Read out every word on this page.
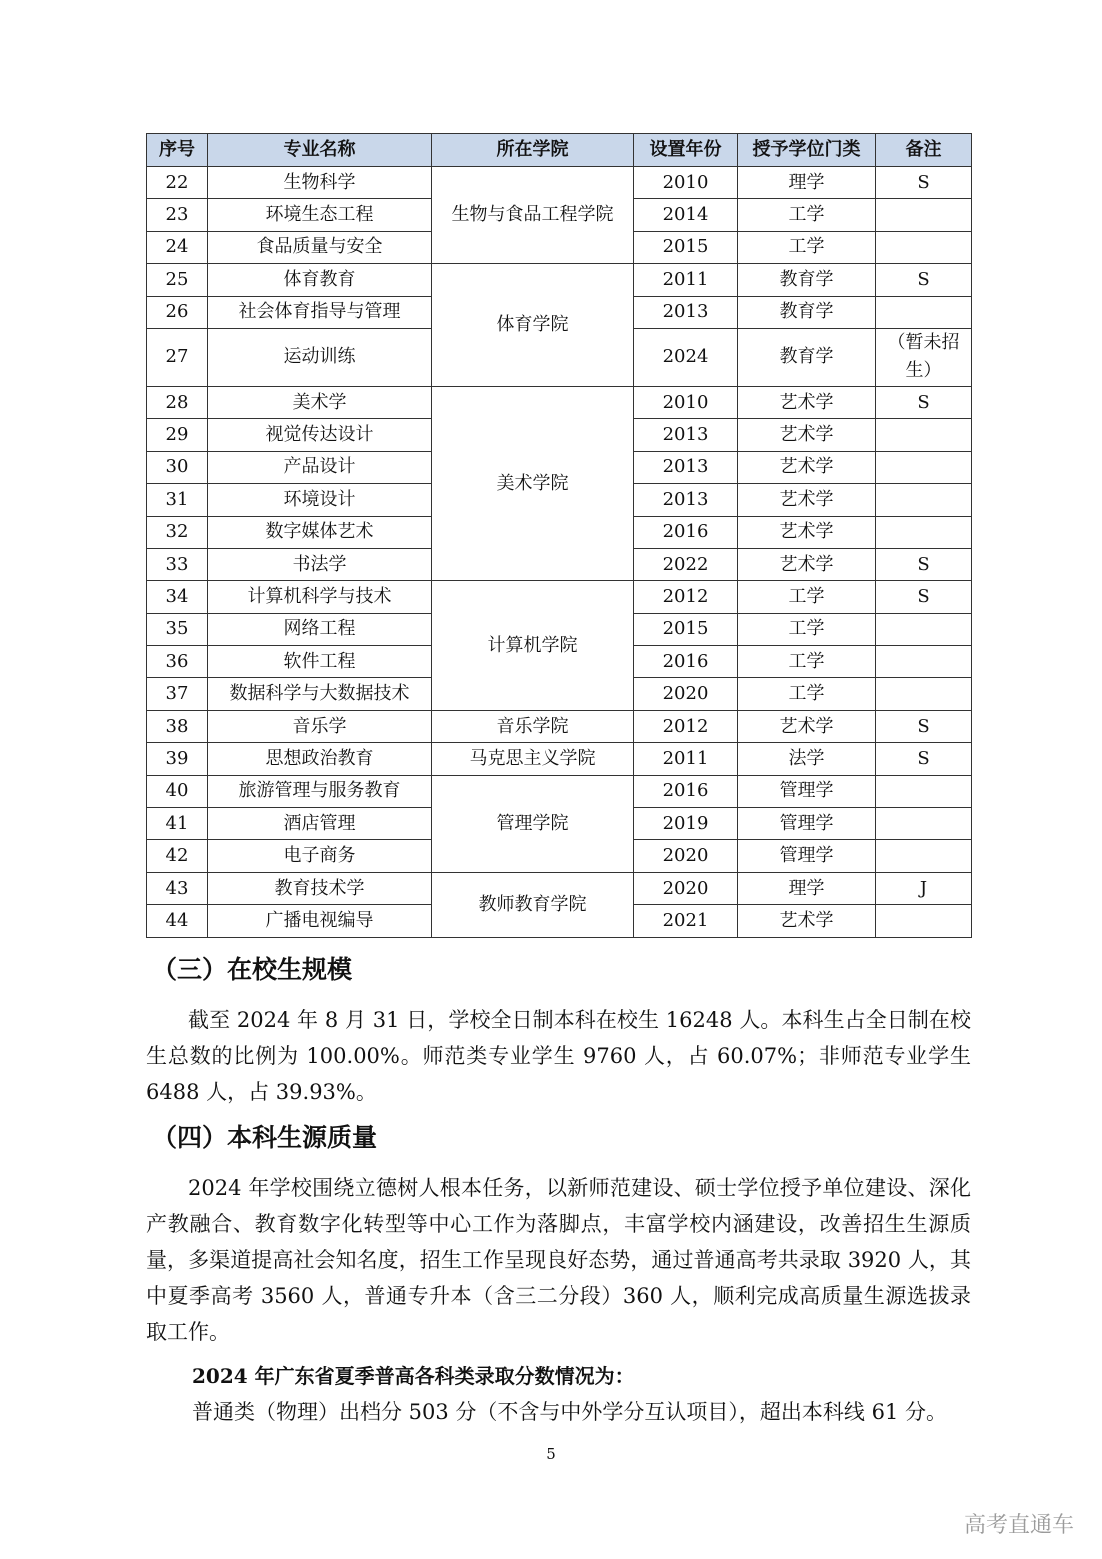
序号	专业名称	所在学院	设置年份	授予学位门类	备注
22	生物科学	生物与食品工程学院	2010	理学	S
23	环境生态工程		2014	工学	
24	食品质量与安全		2015	工学	
25	体育教育	体育学院	2011	教育学	S
26	社会体育指导与管理		2013	教育学	
27	运动训练		2024	教育学	（暂未招生）
28	美术学	美术学院	2010	艺术学	S
29	视觉传达设计		2013	艺术学	
30	产品设计		2013	艺术学	
31	环境设计		2013	艺术学	
32	数字媒体艺术		2016	艺术学	
33	书法学		2022	艺术学	S
34	计算机科学与技术	计算机学院	2012	工学	S
35	网络工程		2015	工学	
36	软件工程		2016	工学	
37	数据科学与大数据技术		2020	工学	
38	音乐学	音乐学院	2012	艺术学	S
39	思想政治教育	马克思主义学院	2011	法学	S
40	旅游管理与服务教育	管理学院	2016	管理学	
41	酒店管理		2019	管理学	
42	电子商务		2020	管理学	
43	教育技术学	教师教育学院	2020	理学	J
44	广播电视编导		2021	艺术学	
（三）在校生规模

截至 2024 年 8 月 31 日，学校全日制本科在校生 16248 人。本科生占全日制在校生总数的比例为 100.00%。师范类专业学生 9760 人，占 60.07%；非师范专业学生 6488 人，占 39.93%。

（四）本科生源质量

2024 年学校围绕立德树人根本任务，以新师范建设、硕士学位授予单位建设、深化产教融合、教育数字化转型等中心工作为落脚点，丰富学校内涵建设，改善招生生源质量，多渠道提高社会知名度，招生工作呈现良好态势，通过普通高考共录取 3920 人，其中夏季高考 3560 人，普通专升本（含三二分段）360 人，顺利完成高质量生源选拔录取工作。

2024 年广东省夏季普高各科类录取分数情况为：
普通类（物理）出档分 503 分（不含与中外学分互认项目），超出本科线 61 分。
5
高考直通车
